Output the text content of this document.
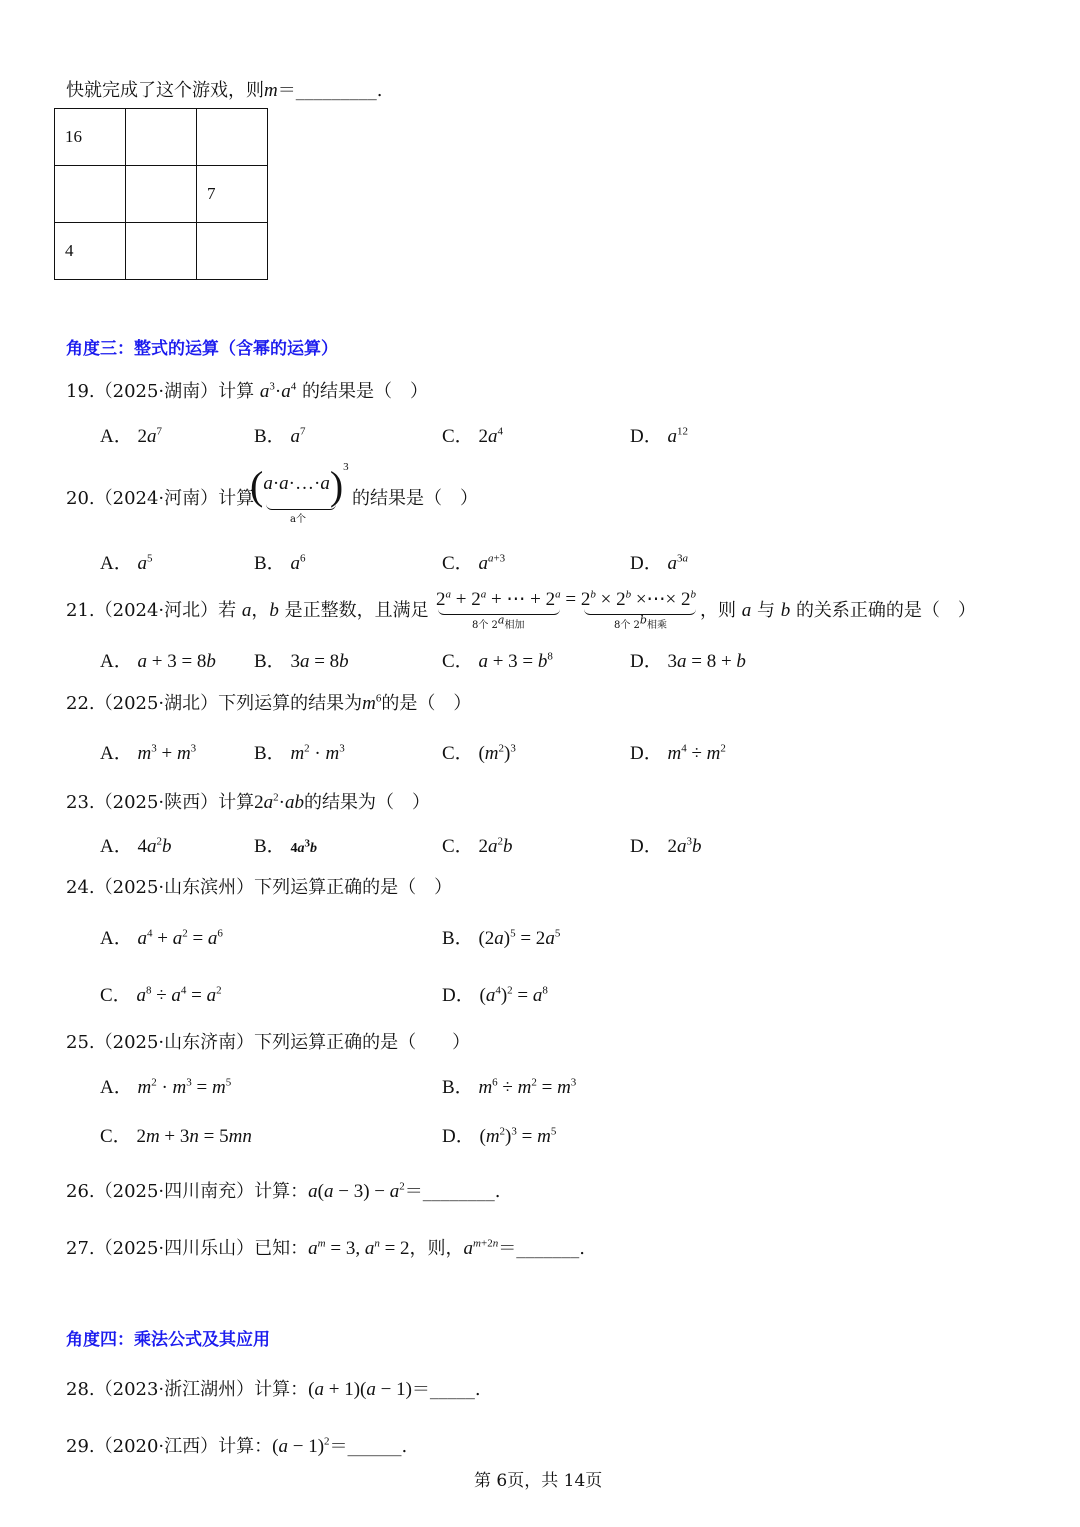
快就完成了这个游戏，则m＝_________.
16		
		7
4		
角度三：整式的运算（含幂的运算）
19.（2025·湖南）计算 $a^3\cdot a^4$ 的结果是（　）
A． $2a^7$	B． $a^7$	C． $2a^4$	D． $a^{12}$
20.（2024·河南）计算
(a·a·…·a)$^3$
a个
的结果是（　）
A． $a^5$	B． $a^6$	C． $a^{a+3}$	D． $a^{3a}$
21.（2024·河北）若 a，b 是正整数，且满足
$2^a + 2^a$ + ⋯ + $2^a = 2^b \times 2^b$ ×⋯× $2^b$
8个 2$^a$相加	8个 2$^b$相乘
，则 a 与 b 的关系正确的是（　）
A． a + 3 = 8b B． 3a = 8b	C． $a + 3 = b^8$	D． 3a = 8 + b
22.（2025·湖北）下列运算的结果为$m^6$的是（　）
A． $m^3 + m^3$	B． $m^2 \cdot m^3$	C． $(m^2)^3$	D． $m^4 \div m^2$
23.（2025·陕西）计算$2a^2\cdot ab$的结果为（　）
A． $4a^2b$	B． $4a^3b$	C． $2a^2b$	D． $2a^3b$
24.（2025·山东滨州）下列运算正确的是（　）
A． $a^4 + a^2 = a^6$	B． $(2a)^5 = 2a^5$
C． $a^8 \div a^4 = a^2$	D． $(a^4)^2 = a^8$
25.（2025·山东济南）下列运算正确的是（　　）
A． $m^2 \cdot m^3 = m^5$	B． $m^6 \div m^2 = m^3$
C． 2m + 3n = 5mn	D． $(m^2)^3 = m^5$
26.（2025·四川南充）计算：$a(a - 3) - a^2=\_\_\_\_\_\_\_\_$.
27.（2025·四川乐山）已知：$a^m = 3$, $a^n = 2$，则，$a^{m+2n}=\_\_\_\_\_\_\_$.
角度四：乘法公式及其应用
28.（2023·浙江湖州）计算：(a + 1)(a − 1)＝_____.
29.（2020·江西）计算：$(a - 1)^2=\_\_\_\_\_\_$.
第 6页，共 14页
